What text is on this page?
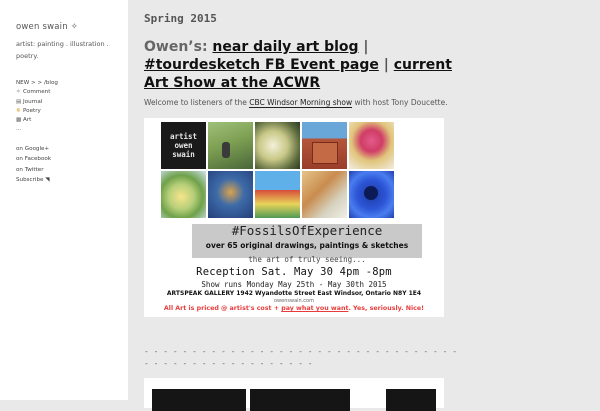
owen swain ✧
artist: painting . illustration . poetry.
NEW > > /blog
✧ Comment
▤ Journal
✵ Poetry
▩ Art
...
on Google+
on Facebook
on Twitter
Subscribe ◥
Spring 2015
Owen’s: near daily art blog | #tourdesketch FB Event page | current Art Show at the ACWR
Welcome to listeners of the CBC Windsor Morning show with host Tony Doucette.
artist
owen
swain
#FossilsOfExperience
over 65 original drawings, paintings & sketches
the art of truly seeing...
Reception Sat. May 30 4pm -8pm
Show runs Monday May 25th - May 30th 2015
ARTSPEAK GALLERY 1942 Wyandotte Street East Windsor, Ontario N8Y 1E4
owenswain.com
All Art is priced @ artist's cost + pay what you want. Yes, seriously. Nice!
- - - - - - - - - - - - - - - - - - - - - - - - - - - - - - - - - - - - - - - - - - - - - - - - - - -
